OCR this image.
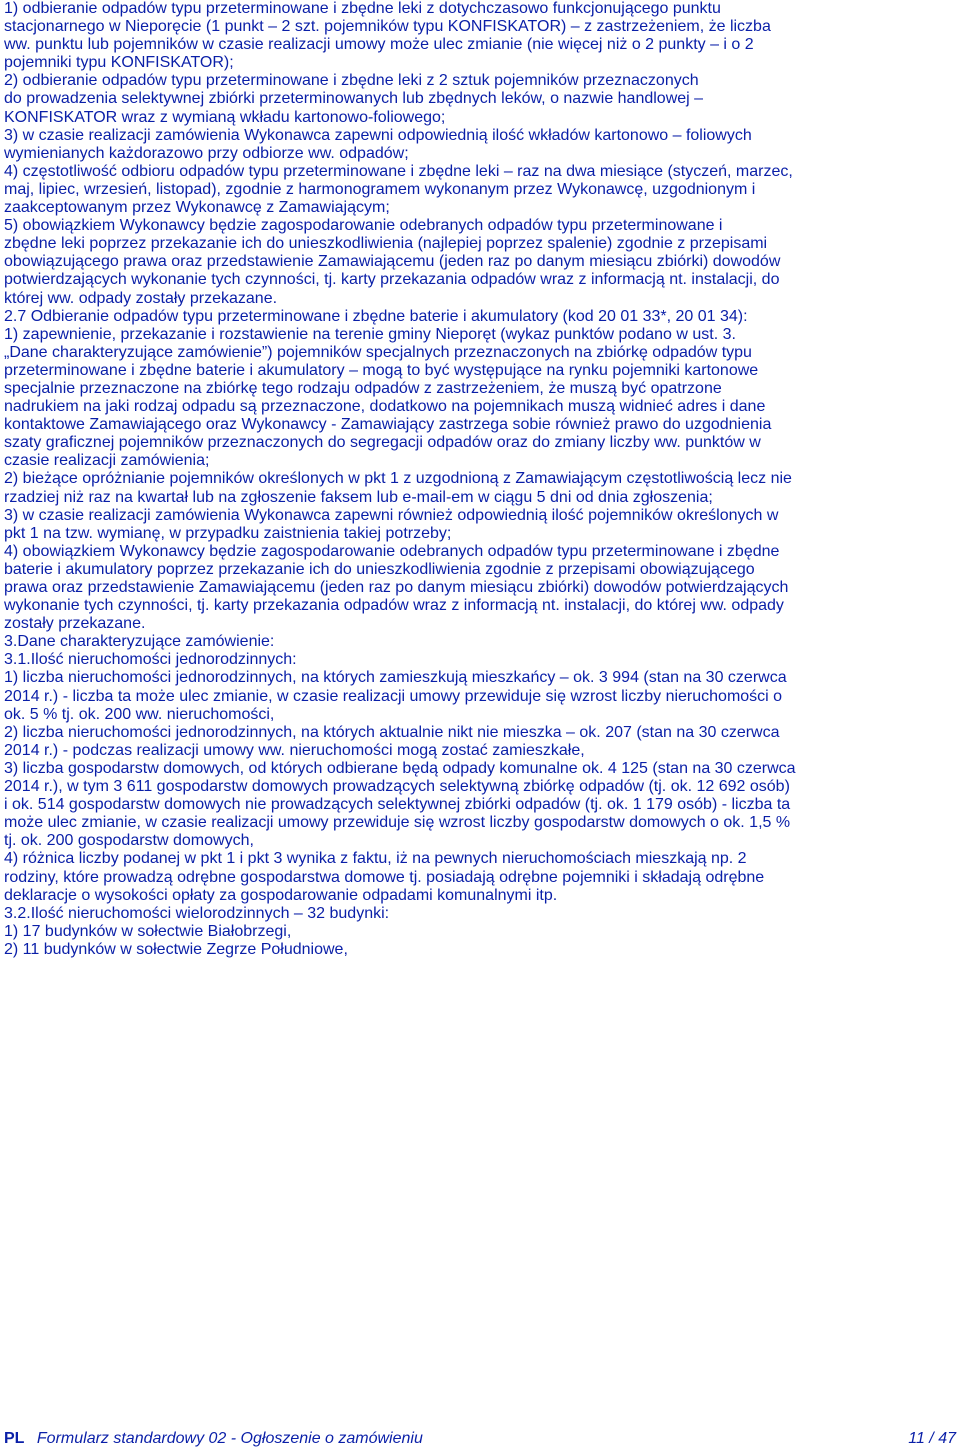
1) odbieranie odpadów typu przeterminowane i zbędne leki z dotychczasowo funkcjonującego punktu
stacjonarnego w Nieporęcie (1 punkt – 2 szt. pojemników typu KONFISKATOR) – z zastrzeżeniem, że liczba
ww. punktu lub pojemników w czasie realizacji umowy może ulec zmianie (nie więcej niż o 2 punkty – i o 2
pojemniki typu KONFISKATOR);
2) odbieranie odpadów typu przeterminowane i zbędne leki z 2 sztuk pojemników przeznaczonych
do prowadzenia selektywnej zbiórki przeterminowanych lub zbędnych leków, o nazwie handlowej –
KONFISKATOR wraz z wymianą wkładu kartonowo-foliowego;
3) w czasie realizacji zamówienia Wykonawca zapewni odpowiednią ilość wkładów kartonowo – foliowych
wymienianych każdorazowo przy odbiorze ww. odpadów;
4) częstotliwość odbioru odpadów typu przeterminowane i zbędne leki – raz na dwa miesiące (styczeń, marzec,
maj, lipiec, wrzesień, listopad), zgodnie z harmonogramem wykonanym przez Wykonawcę, uzgodnionym i
zaakceptowanym przez Wykonawcę z Zamawiającym;
5) obowiązkiem Wykonawcy będzie zagospodarowanie odebranych odpadów typu przeterminowane i
zbędne leki poprzez przekazanie ich do unieszkodliwienia (najlepiej poprzez spalenie) zgodnie z przepisami
obowiązującego prawa oraz przedstawienie Zamawiającemu (jeden raz po danym miesiącu zbiórki) dowodów
potwierdzających wykonanie tych czynności, tj. karty przekazania odpadów wraz z informacją nt. instalacji, do
której ww. odpady zostały przekazane.
2.7 Odbieranie odpadów typu przeterminowane i zbędne baterie i akumulatory (kod 20 01 33*, 20 01 34):
1) zapewnienie, przekazanie i rozstawienie na terenie gminy Nieporęt (wykaz punktów podano w ust. 3.
„Dane charakteryzujące zamówienie”) pojemników specjalnych przeznaczonych na zbiórkę odpadów typu
przeterminowane i zbędne baterie i akumulatory – mogą to być występujące na rynku pojemniki kartonowe
specjalnie przeznaczone na zbiórkę tego rodzaju odpadów z zastrzeżeniem, że muszą być opatrzone
nadrukiem na jaki rodzaj odpadu są przeznaczone, dodatkowo na pojemnikach muszą widnieć adres i dane
kontaktowe Zamawiającego oraz Wykonawcy - Zamawiający zastrzega sobie również prawo do uzgodnienia
szaty graficznej pojemników przeznaczonych do segregacji odpadów oraz do zmiany liczby ww. punktów w
czasie realizacji zamówienia;
2) bieżące opróżnianie pojemników określonych w pkt 1 z uzgodnioną z Zamawiającym częstotliwością lecz nie
rzadziej niż raz na kwartał lub na zgłoszenie faksem lub e-mail-em w ciągu 5 dni od dnia zgłoszenia;
3) w czasie realizacji zamówienia Wykonawca zapewni również odpowiednią ilość pojemników określonych w
pkt 1 na tzw. wymianę, w przypadku zaistnienia takiej potrzeby;
4) obowiązkiem Wykonawcy będzie zagospodarowanie odebranych odpadów typu przeterminowane i zbędne
baterie i akumulatory poprzez przekazanie ich do unieszkodliwienia zgodnie z przepisami obowiązującego
prawa oraz przedstawienie Zamawiającemu (jeden raz po danym miesiącu zbiórki) dowodów potwierdzających
wykonanie tych czynności, tj. karty przekazania odpadów wraz z informacją nt. instalacji, do której ww. odpady
zostały przekazane.
3.Dane charakteryzujące zamówienie:
3.1.Ilość nieruchomości jednorodzinnych:
1) liczba nieruchomości jednorodzinnych, na których zamieszkują mieszkańcy – ok. 3 994 (stan na 30 czerwca
2014 r.) - liczba ta może ulec zmianie, w czasie realizacji umowy przewiduje się wzrost liczby nieruchomości o
ok. 5 % tj. ok. 200 ww. nieruchomości,
2) liczba nieruchomości jednorodzinnych, na których aktualnie nikt nie mieszka – ok. 207 (stan na 30 czerwca
2014 r.) - podczas realizacji umowy ww. nieruchomości mogą zostać zamieszkałe,
3) liczba gospodarstw domowych, od których odbierane będą odpady komunalne ok. 4 125 (stan na 30 czerwca
2014 r.), w tym 3 611 gospodarstw domowych prowadzących selektywną zbiórkę odpadów (tj. ok. 12 692 osób)
i ok. 514 gospodarstw domowych nie prowadzących selektywnej zbiórki odpadów (tj. ok. 1 179 osób) - liczba ta
może ulec zmianie, w czasie realizacji umowy przewiduje się wzrost liczby gospodarstw domowych o ok. 1,5 %
tj. ok. 200 gospodarstw domowych,
4) różnica liczby podanej w pkt 1 i pkt 3 wynika z faktu, iż na pewnych nieruchomościach mieszkają np. 2
rodziny, które prowadzą odrębne gospodarstwa domowe tj. posiadają odrębne pojemniki i składają odrębne
deklaracje o wysokości opłaty za gospodarowanie odpadami komunalnymi itp.
3.2.Ilość nieruchomości wielorodzinnych – 32 budynki:
1) 17 budynków w sołectwie Białobrzegi,
2) 11 budynków w sołectwie Zegrze Południowe,
PL Formularz standardowy 02 - Ogłoszenie o zamówieniu	11 / 47
